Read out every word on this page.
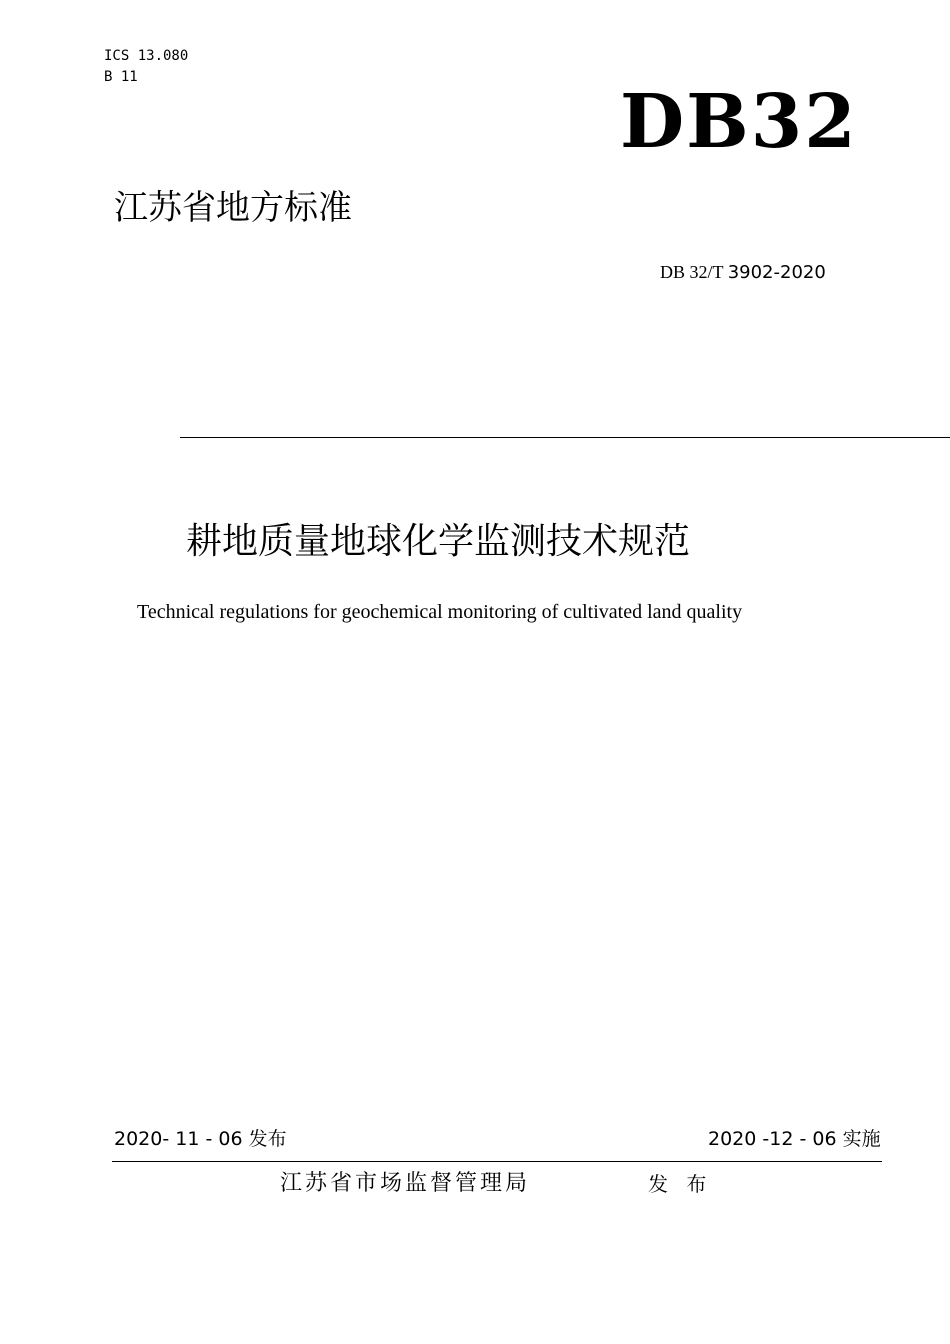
ICS 13.080
B 11
DB32
江苏省地方标准
DB 32/T 3902-2020
耕地质量地球化学监测技术规范
Technical regulations for geochemical monitoring of cultivated land quality
2020- 11 - 06 发布	2020 -12 - 06 实施
江苏省市场监督管理局	发 布
